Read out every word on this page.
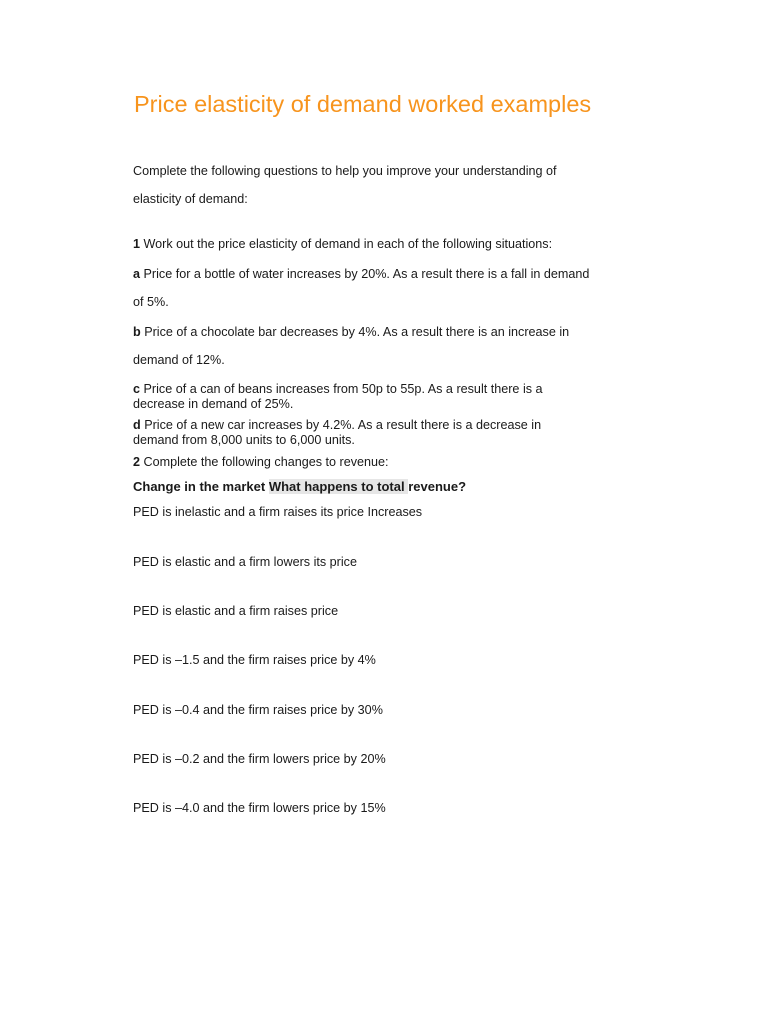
Price elasticity of demand worked examples
Complete the following questions to help you improve your understanding of
elasticity of demand:
1 Work out the price elasticity of demand in each of the following situations:
a Price for a bottle of water increases by 20%. As a result there is a fall in demand
of 5%.
b Price of a chocolate bar decreases by 4%. As a result there is an increase in
demand of 12%.
c Price of a can of beans increases from 50p to 55p. As a result there is a
decrease in demand of 25%.
d Price of a new car increases by 4.2%. As a result there is a decrease in
demand from 8,000 units to 6,000 units.
2 Complete the following changes to revenue:
Change in the market What happens to total revenue?
PED is inelastic and a firm raises its price Increases
PED is elastic and a firm lowers its price
PED is elastic and a firm raises price
PED is –1.5 and the firm raises price by 4%
PED is –0.4 and the firm raises price by 30%
PED is –0.2 and the firm lowers price by 20%
PED is –4.0 and the firm lowers price by 15%
